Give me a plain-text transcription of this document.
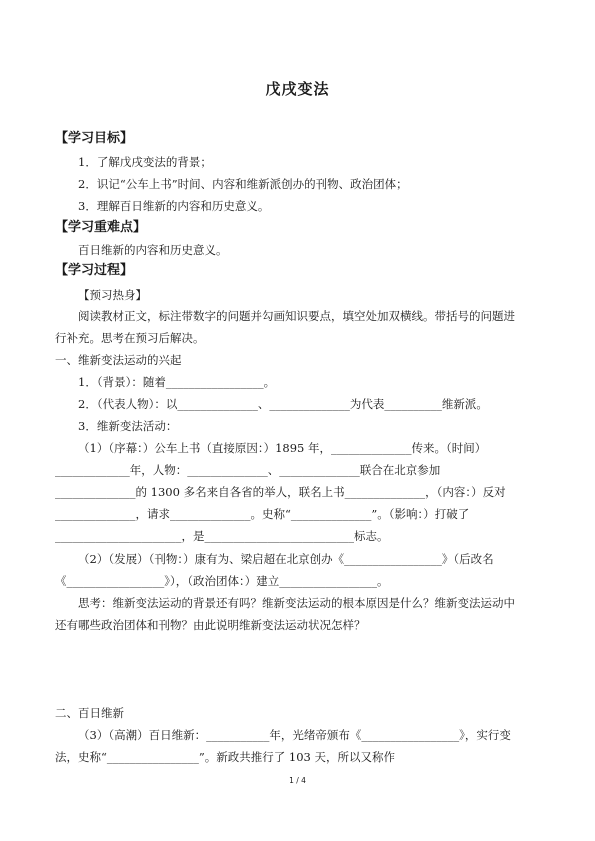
戊戌变法
【学习目标】
1．了解戊戌变法的背景；
2．识记“公车上书”时间、内容和维新派创办的刊物、政治团体；
3．理解百日维新的内容和历史意义。
【学习重难点】
百日维新的内容和历史意义。
【学习过程】
【预习热身】
阅读教材正文，标注带数字的问题并勾画知识要点，填空处加双横线。带括号的问题进
行补充。思考在预习后解决。
一、维新变法运动的兴起
1．（背景）：随着_________________。
2．（代表人物）：以______________、______________为代表__________维新派。
3．维新变法活动：
（1）（序幕：）公车上书（直接原因：）1895 年，______________传来。（时间）
_____________年，人物：______________、______________联合在北京参加
______________的 1300 多名来自各省的举人，联名上书______________，（内容：）反对
______________，请求______________。史称“______________”。（影响：）打破了
______________________，是__________________________标志。
（2）（发展）（刊物：）康有为、梁启超在北京创办《_________________》（后改名
《_________________》），（政治团体：）建立_________________。
思考：维新变法运动的背景还有吗？维新变法运动的根本原因是什么？维新变法运动中
还有哪些政治团体和刊物？由此说明维新变法运动状况怎样？
二、百日维新
（3）（高潮）百日维新：___________年，光绪帝颁布《_________________》，实行变
法，史称“________________”。新政共推行了 103 天，所以又称作
1 / 4
